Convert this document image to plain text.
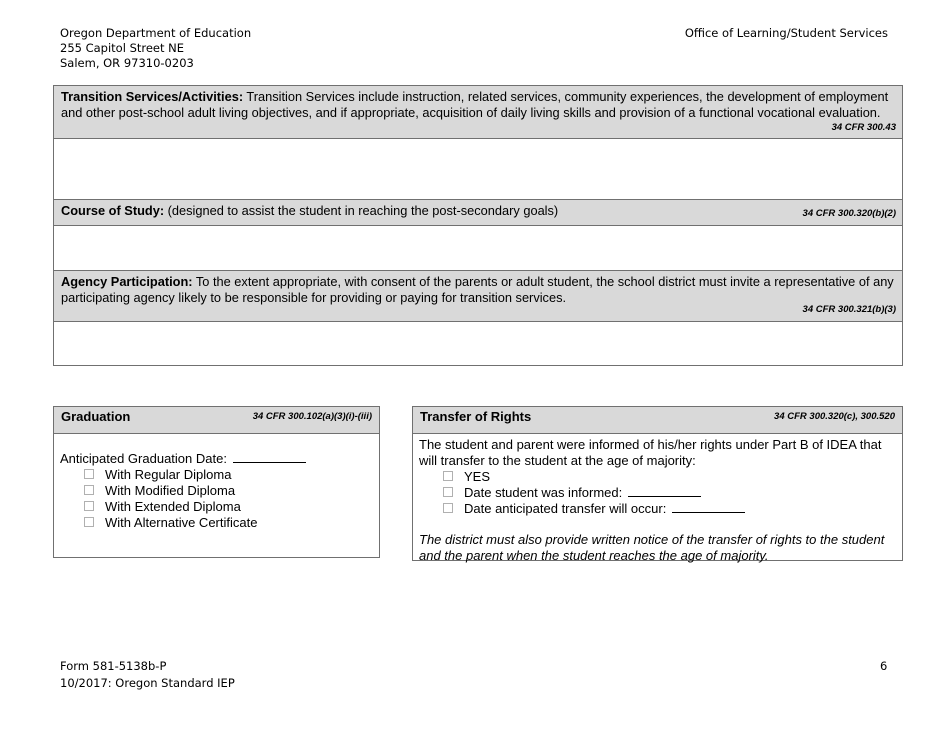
Oregon Department of Education
255 Capitol Street NE
Salem, OR 97310-0203
Office of Learning/Student Services
Transition Services/Activities: Transition Services include instruction, related services, community experiences, the development of employment and other post-school adult living objectives, and if appropriate, acquisition of daily living skills and provision of a functional vocational evaluation.
34 CFR 300.43
Course of Study: (designed to assist the student in reaching the post-secondary goals)	34 CFR 300.320(b)(2)
Agency Participation: To the extent appropriate, with consent of the parents or adult student, the school district must invite a representative of any participating agency likely to be responsible for providing or paying for transition services.
34 CFR 300.321(b)(3)
Graduation	34 CFR 300.102(a)(3)(i)-(iii)
Anticipated Graduation Date:
With Regular Diploma
With Modified Diploma
With Extended Diploma
With Alternative Certificate
Transfer of Rights	34 CFR 300.320(c), 300.520
The student and parent were informed of his/her rights under Part B of IDEA that will transfer to the student at the age of majority:
YES
Date student was informed:
Date anticipated transfer will occur:
The district must also provide written notice of the transfer of rights to the student and the parent when the student reaches the age of majority.
Form 581-5138b-P
10/2017: Oregon Standard IEP
6
